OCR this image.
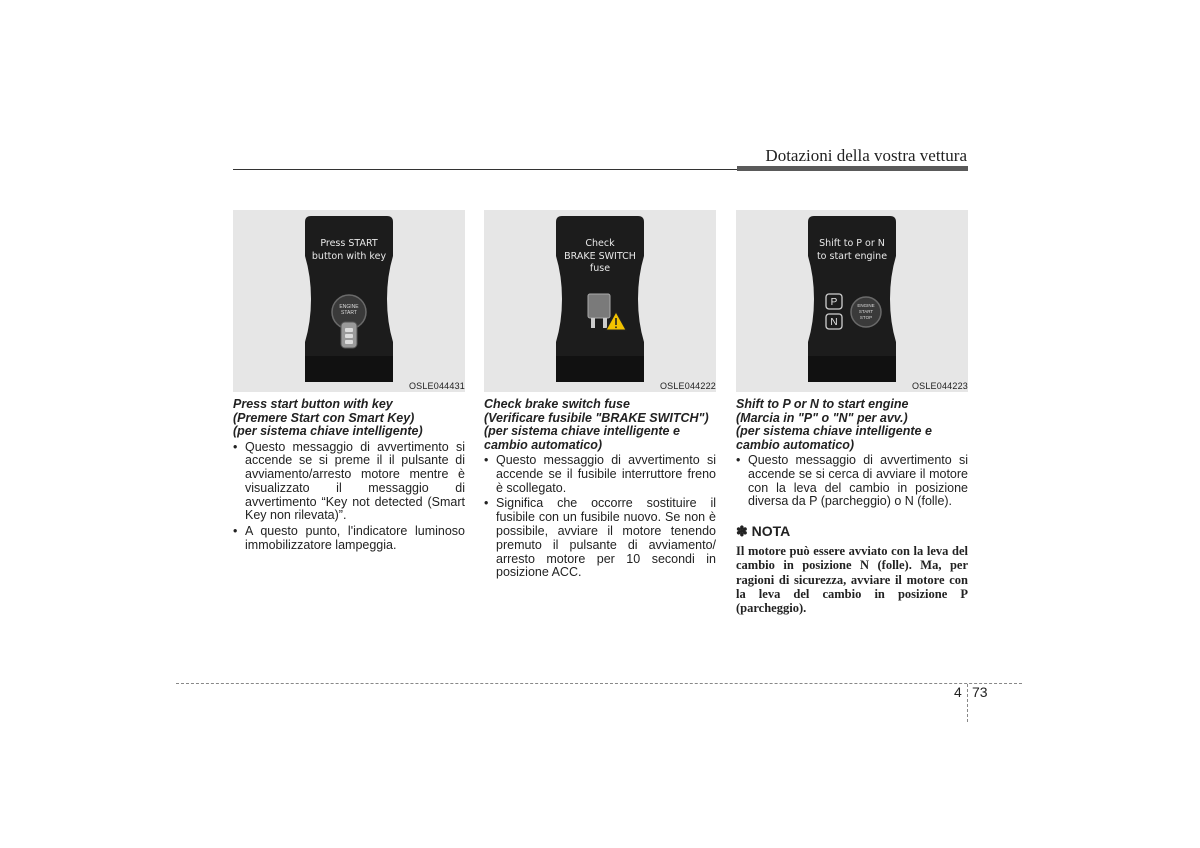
Dotazioni della vostra vettura
ENGINE
START
Press START
button with key
OSLE044431
Press start button with key
(Premere Start con Smart Key)
(per sistema chiave intelligente)
• Questo messaggio di avvertimento si accende se si preme il il pulsante di avviamento/arresto motore mentre è visualizzato il messaggio di avvertimento “Key not detected (Smart Key non rilevata)”.
• A questo punto, l'indicatore luminoso immobilizzatore lampeggia.
Check
BRAKE SWITCH
fuse
OSLE044222
Check brake switch fuse
(Verificare fusibile "BRAKE SWITCH")
(per sistema chiave intelligente e
cambio automatico)
• Questo messaggio di avvertimento si accende se il fusibile interruttore freno è scollegato.
• Significa che occorre sostituire il fusibile con un fusibile nuovo. Se non è possibile, avviare il motore tenendo premuto il pulsante di avviamento/ arresto motore per 10 secondi in posizione ACC.
P
N
ENGINE
START
STOP
Shift to P or N
to start engine
OSLE044223
Shift to P or N to start engine
(Marcia in "P" o "N" per avv.)
(per sistema chiave intelligente e
cambio automatico)
• Questo messaggio di avvertimento si accende se si cerca di avviare il motore con la leva del cambio in posizione diversa da P (parcheggio) o N (folle).
✽ NOTA
Il motore può essere avviato con la leva del cambio in posizione N (folle). Ma, per ragioni di sicurezza, avviare il motore con la leva del cambio in posizione P (parcheggio).
4 73
